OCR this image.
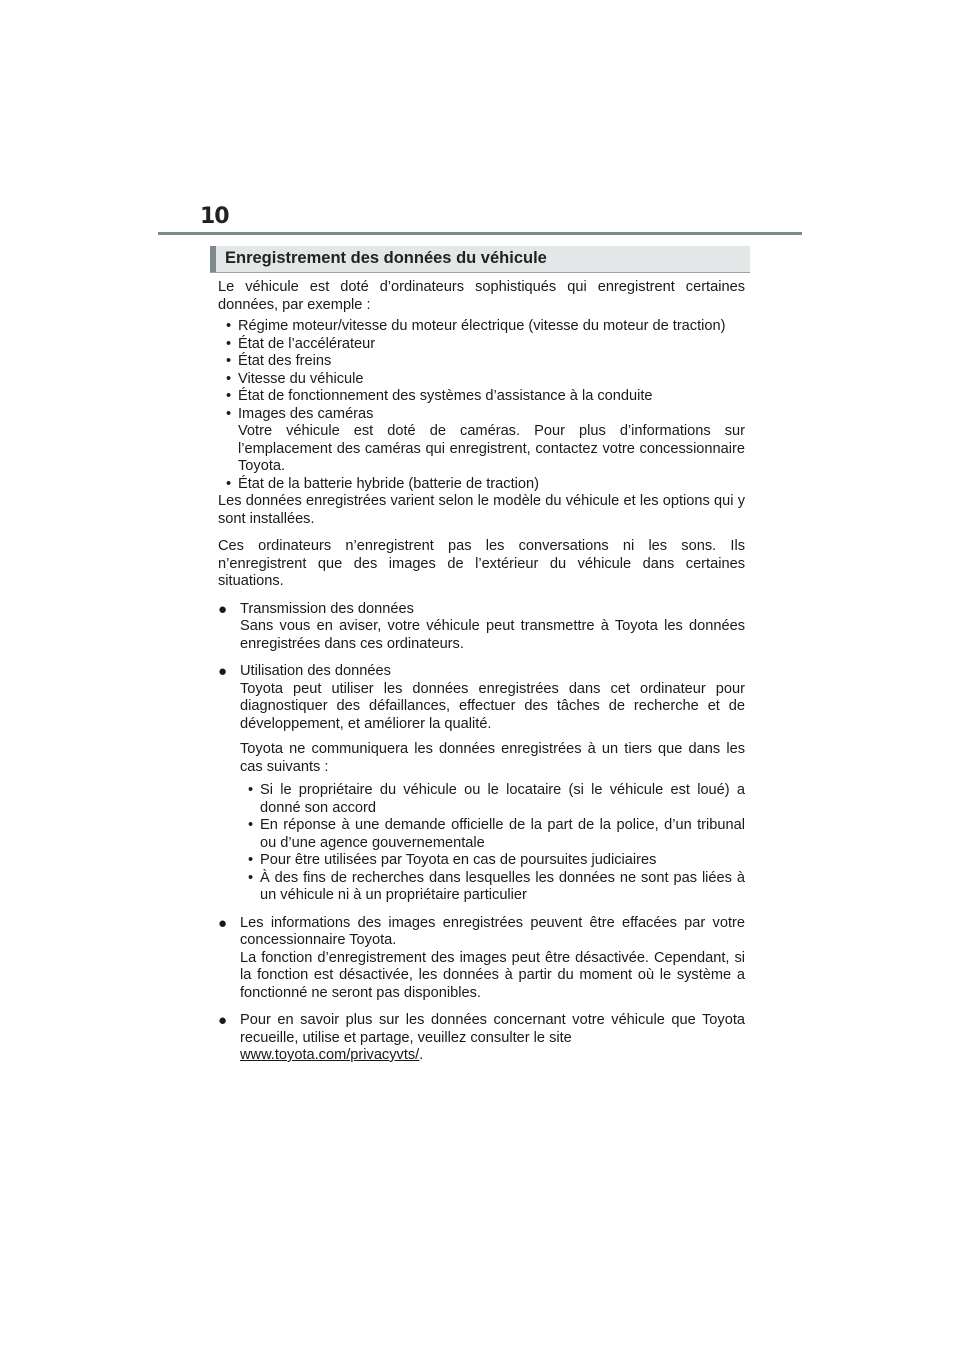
10
Enregistrement des données du véhicule

Le véhicule est doté d’ordinateurs sophistiqués qui enregistrent certaines données, par exemple :

• Régime moteur/vitesse du moteur électrique (vitesse du moteur de traction)
• État de l’accélérateur
• État des freins
• Vitesse du véhicule
• État de fonctionnement des systèmes d’assistance à la conduite
• Images des caméras
Votre véhicule est doté de caméras. Pour plus d’informations sur l’emplacement des caméras qui enregistrent, contactez votre concessionnaire Toyota.
• État de la batterie hybride (batterie de traction)

Les données enregistrées varient selon le modèle du véhicule et les options qui y sont installées.

Ces ordinateurs n’enregistrent pas les conversations ni les sons. Ils n’enregistrent que des images de l’extérieur du véhicule dans certaines situations.

● Transmission des données

Sans vous en aviser, votre véhicule peut transmettre à Toyota les données enregistrées dans ces ordinateurs.

● Utilisation des données

Toyota peut utiliser les données enregistrées dans cet ordinateur pour diagnostiquer des défaillances, effectuer des tâches de recherche et de développement, et améliorer la qualité.

Toyota ne communiquera les données enregistrées à un tiers que dans les cas suivants :

• Si le propriétaire du véhicule ou le locataire (si le véhicule est loué) a donné son accord
• En réponse à une demande officielle de la part de la police, d’un tribunal ou d’une agence gouvernementale
• Pour être utilisées par Toyota en cas de poursuites judiciaires
• À des fins de recherches dans lesquelles les données ne sont pas liées à un véhicule ni à un propriétaire particulier
● Les informations des images enregistrées peuvent être effacées par votre concessionnaire Toyota.

La fonction d’enregistrement des images peut être désactivée. Cependant, si la fonction est désactivée, les données à partir du moment où le système a fonctionné ne seront pas disponibles.

● Pour en savoir plus sur les données concernant votre véhicule que Toyota recueille, utilise et partage, veuillez consulter le site

www.toyota.com/privacyvts/.
